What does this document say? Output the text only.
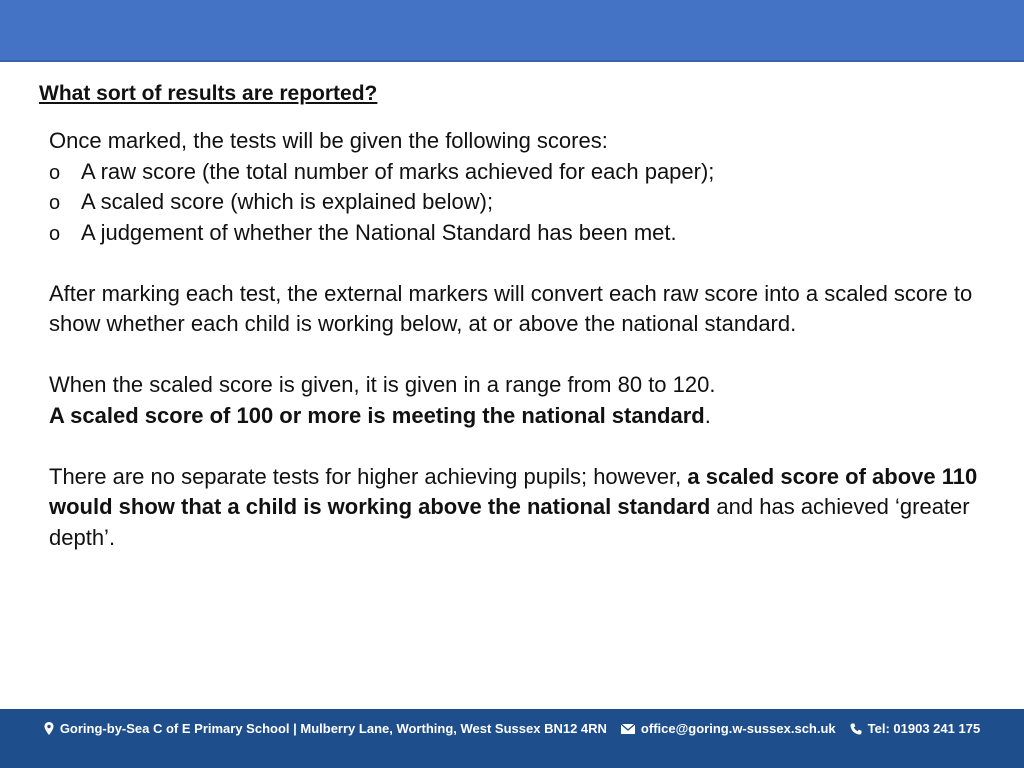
What sort of results are reported?

Once marked, the tests will be given the following scores:

o A raw score (the total number of marks achieved for each paper);
o A scaled score (which is explained below);
o A judgement of whether the National Standard has been met.

After marking each test, the external markers will convert each raw score into a scaled score to show whether each child is working below, at or above the national standard.

When the scaled score is given, it is given in a range from 80 to 120.
A scaled score of 100 or more is meeting the national standard.

There are no separate tests for higher achieving pupils; however, a scaled score of above 110 would show that a child is working above the national standard and has achieved ‘greater depth’.

Goring-by-Sea C of E Primary School | Mulberry Lane, Worthing, West Sussex BN12 4RN	office@goring.w-sussex.sch.uk Tel: 01903 241 175
